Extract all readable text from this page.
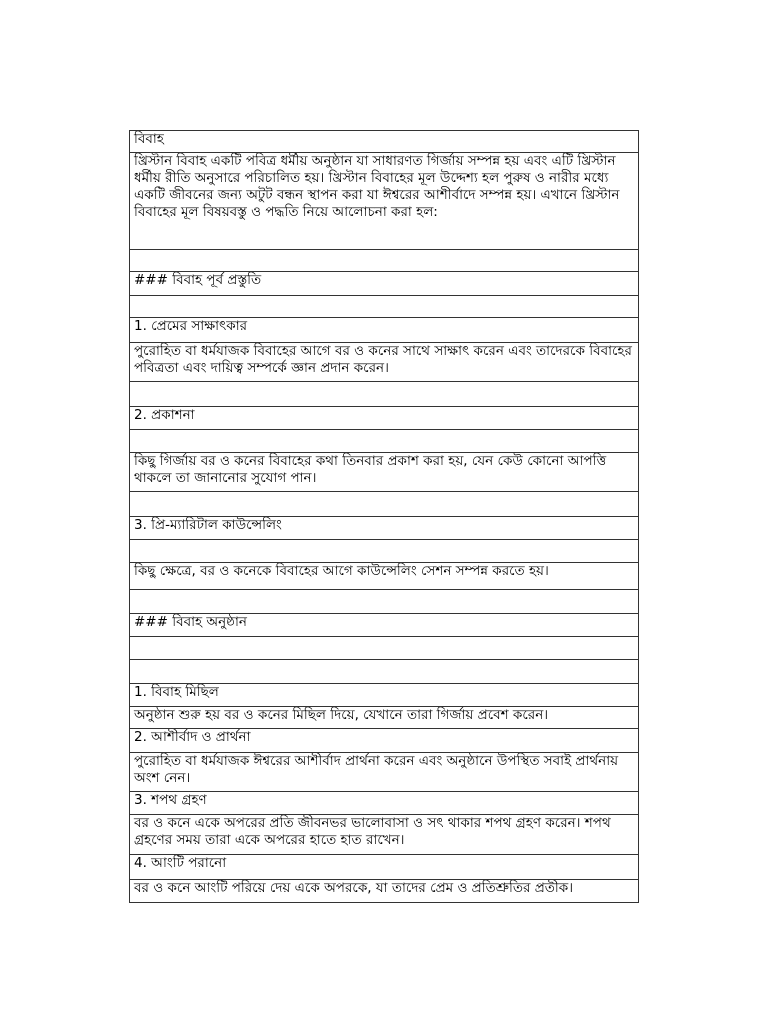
বিবাহ
খ্রিস্টান বিবাহ একটি পবিত্র ধর্মীয় অনুষ্ঠান যা সাধারণত গির্জায় সম্পন্ন হয় এবং এটি খ্রিস্টান ধর্মীয় রীতি অনুসারে পরিচালিত হয়। খ্রিস্টান বিবাহের মূল উদ্দেশ্য হল পুরুষ ও নারীর মধ্যে একটি জীবনের জন্য অটুট বন্ধন স্থাপন করা যা ঈশ্বরের আশীর্বাদে সম্পন্ন হয়। এখানে খ্রিস্টান বিবাহের মূল বিষয়বস্তু ও পদ্ধতি নিয়ে আলোচনা করা হল:

### বিবাহ পূর্ব প্রস্তুতি

1. প্রেমের সাক্ষাৎকার
পুরোহিত বা ধর্মযাজক বিবাহের আগে বর ও কনের সাথে সাক্ষাৎ করেন এবং তাদেরকে বিবাহের পবিত্রতা এবং দায়িত্ব সম্পর্কে জ্ঞান প্রদান করেন।

2. প্রকাশনা

কিছু গির্জায় বর ও কনের বিবাহের কথা তিনবার প্রকাশ করা হয়, যেন কেউ কোনো আপত্তি থাকলে তা জানানোর সুযোগ পান।

3. প্রি-ম্যারিটাল কাউন্সেলিং

কিছু ক্ষেত্রে, বর ও কনেকে বিবাহের আগে কাউন্সেলিং সেশন সম্পন্ন করতে হয়।

### বিবাহ অনুষ্ঠান

1. বিবাহ মিছিল
অনুষ্ঠান শুরু হয় বর ও কনের মিছিল দিয়ে, যেখানে তারা গির্জায় প্রবেশ করেন।
2. আশীর্বাদ ও প্রার্থনা
পুরোহিত বা ধর্মযাজক ঈশ্বরের আশীর্বাদ প্রার্থনা করেন এবং অনুষ্ঠানে উপস্থিত সবাই প্রার্থনায় অংশ নেন।
3. শপথ গ্রহণ
বর ও কনে একে অপরের প্রতি জীবনভর ভালোবাসা ও সৎ থাকার শপথ গ্রহণ করেন। শপথ গ্রহণের সময় তারা একে অপরের হাতে হাত রাখেন।
4. আংটি পরানো
বর ও কনে আংটি পরিয়ে দেয় একে অপরকে, যা তাদের প্রেম ও প্রতিশ্রুতির প্রতীক।
